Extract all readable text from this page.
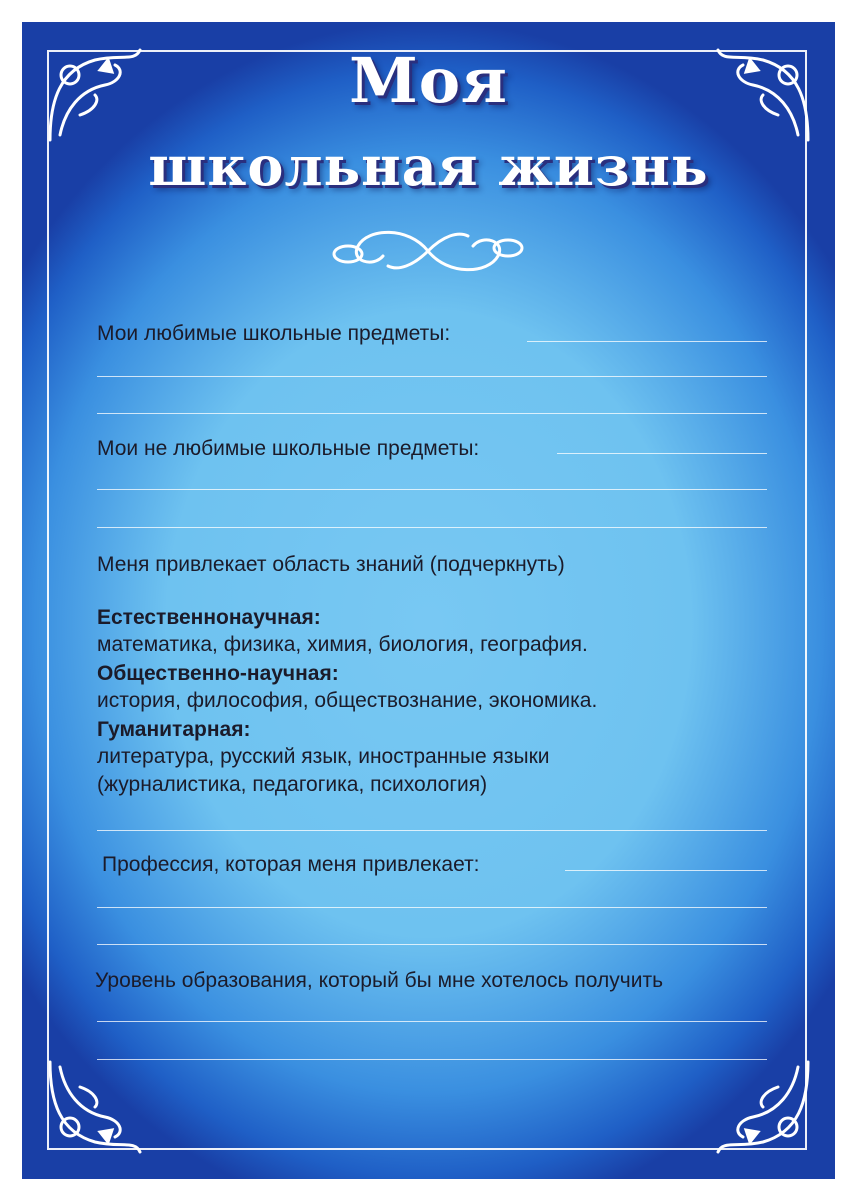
Моя
школьная жизнь

Мои любимые школьные предметы:

Мои не любимые школьные предметы:

Меня привлекает область знаний (подчеркнуть)

Естественнонаучная:

математика, физика, химия, биология, география.

Общественно-научная:

история, философия, обществознание, экономика.

Гуманитарная:

литература, русский язык, иностранные языки

(журналистика, педагогика, психология)

Профессия, которая меня привлекает:

Уровень образования, который бы мне хотелось получить
